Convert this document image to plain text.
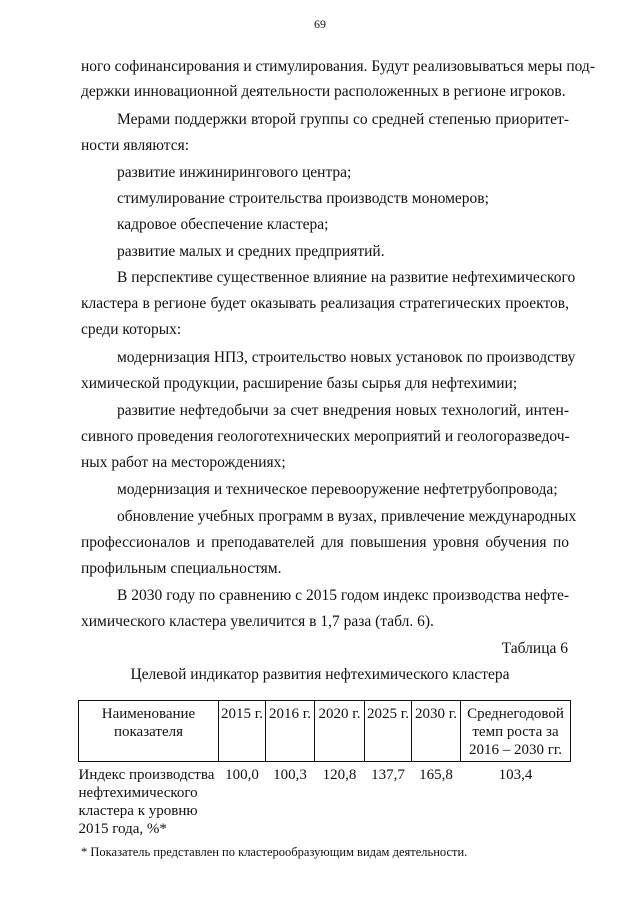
69
ного софинансирования и стимулирования. Будут реализовываться меры под-
держки инновационной деятельности расположенных в регионе игроков.
Мерами поддержки второй группы со средней степенью приоритет-
ности являются:
развитие инжинирингового центра;
стимулирование строительства производств мономеров;
кадровое обеспечение кластера;
развитие малых и средних предприятий.
В перспективе существенное влияние на развитие нефтехимического
кластера в регионе будет оказывать реализация стратегических проектов,
среди которых:
модернизация НПЗ, строительство новых установок по производству
химической продукции, расширение базы сырья для нефтехимии;
развитие нефтедобычи за счет внедрения новых технологий, интен-
сивного проведения геологотехнических мероприятий и геологоразведоч-
ных работ на месторождениях;
модернизация и техническое перевооружение нефтетрубопровода;
обновление учебных программ в вузах, привлечение международных
профессионалов и преподавателей для повышения уровня обучения по
профильным специальностям.
В 2030 году по сравнению с 2015 годом индекс производства нефте-
химического кластера увеличится в 1,7 раза (табл. 6).
Таблица 6
Целевой индикатор развития нефтехимического кластера
Наименование показателя	2015 г.	2016 г.	2020 г.	2025 г.	2030 г.	Среднегодовой темп роста за 2016 – 2030 гг.
Индекс производства нефтехимического кластера к уровню 2015 года, %*	100,0	100,3	120,8	137,7	165,8	103,4
* Показатель представлен по кластерообразующим видам деятельности.
